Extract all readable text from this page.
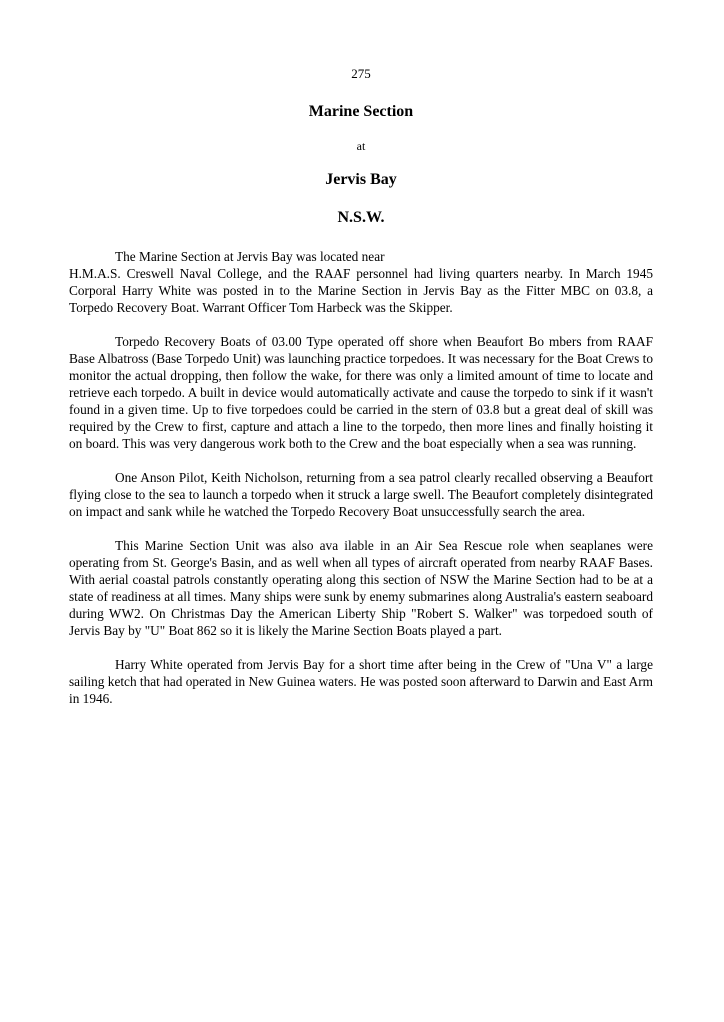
275

Marine Section

at

Jervis Bay
N.S.W.

The Marine Section at Jervis Bay was located near
H.M.A.S. Creswell Naval College, and the RAAF personnel had living quarters nearby. In March 1945 Corporal Harry White was posted in to the Marine Section in Jervis Bay as the Fitter MBC on 03.8, a Torpedo Recovery Boat. Warrant Officer Tom Harbeck was the Skipper.

Torpedo Recovery Boats of 03.00 Type operated off shore when Beaufort Bo mbers from RAAF Base Albatross (Base Torpedo Unit) was launching practice torpedoes. It was necessary for the Boat Crews to monitor the actual dropping, then follow the wake, for there was only a limited amount of time to locate and retrieve each torpedo. A built in device would automatically activate and cause the torpedo to sink if it wasn't found in a given time. Up to five torpedoes could be carried in the stern of 03.8 but a great deal of skill was required by the Crew to first, capture and attach a line to the torpedo, then more lines and finally hoisting it on board. This was very dangerous work both to the Crew and the boat especially when a sea was running.

One Anson Pilot, Keith Nicholson, returning from a sea patrol clearly recalled observing a Beaufort flying close to the sea to launch a torpedo when it struck a large swell. The Beaufort completely disintegrated on impact and sank while he watched the Torpedo Recovery Boat unsuccessfully search the area.

This Marine Section Unit was also ava ilable in an Air Sea Rescue role when seaplanes were operating from St. George's Basin, and as well when all types of aircraft operated from nearby RAAF Bases. With aerial coastal patrols constantly operating along this section of NSW the Marine Section had to be at a state of readiness at all times. Many ships were sunk by enemy submarines along Australia's eastern seaboard during WW2. On Christmas Day the American Liberty Ship "Robert S. Walker" was torpedoed south of Jervis Bay by "U" Boat 862 so it is likely the Marine Section Boats played a part.

Harry White operated from Jervis Bay for a short time after being in the Crew of "Una V" a large sailing ketch that had operated in New Guinea waters. He was posted soon afterward to Darwin and East Arm in 1946.
